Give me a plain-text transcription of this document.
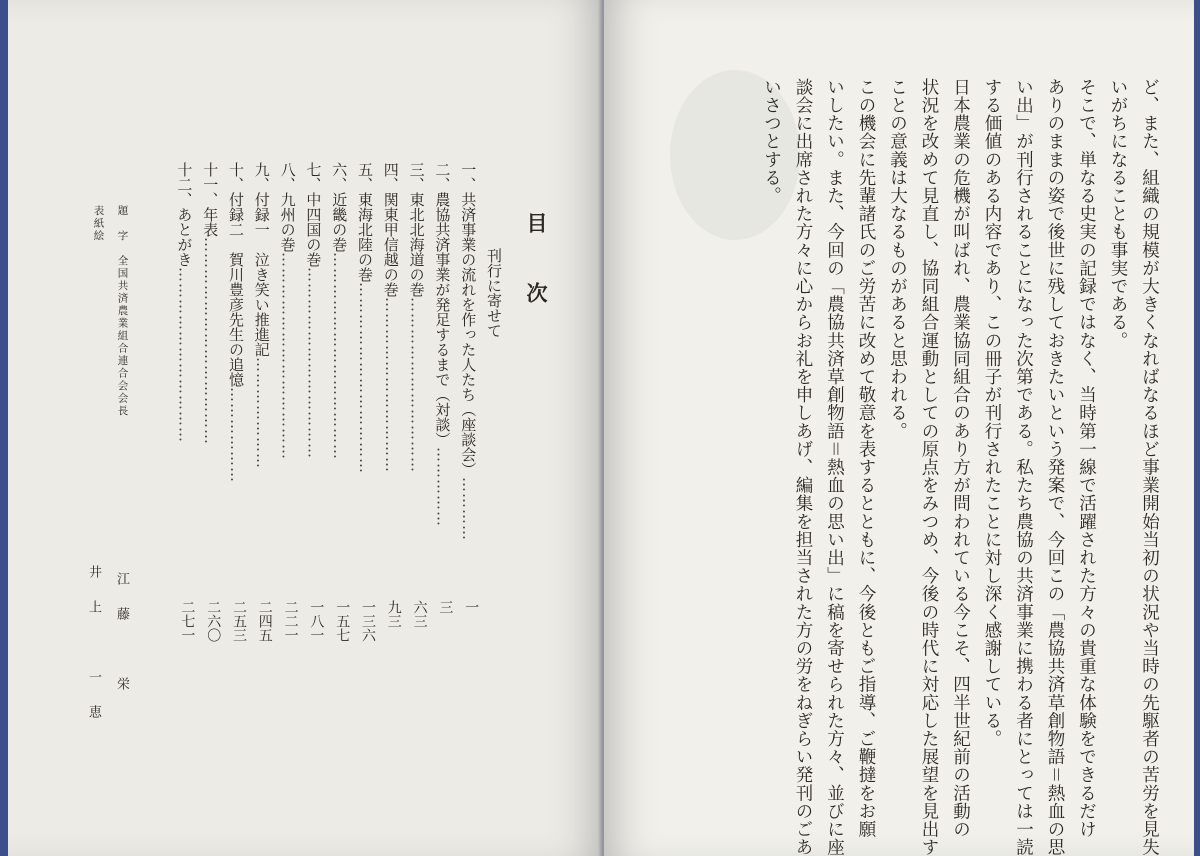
目　次
刊行に寄せて
一、共済事業の流れを作った人たち（座談会）…………
一
二、農協共済事業が発足するまで（対談）……………
三
三、東北北海道の巻……………………………
六三
四、関東甲信越の巻……………………………
九三
五、東海北陸の巻………………………………
一三六
六、近畿の巻…………………………………
一五七
七、中四国の巻………………………………
一八一
八、九州の巻…………………………………
二二一
九、付録一　泣き笑い推進記…………………
二四五
十、付録二　賀川豊彦先生の追憶………………
二五三
十一、年表…………………………………
二六〇
十二、あとがき……………………………
二七一
題　字　全国共済農業組合連合会会長
表紙絵
江藤　栄
井上　一恵	ど、また、組織の規模が大きくなればなるほど事業開始当初の状況や当時の先駆者の苦労を見失
いがちになることも事実である。
そこで、単なる史実の記録ではなく、当時第一線で活躍された方々の貴重な体験をできるだけ
ありのままの姿で後世に残しておきたいという発案で、今回この「農協共済草創物語＝熱血の思
い出」が刊行されることになった次第である。私たち農協の共済事業に携わる者にとっては一読
する価値のある内容であり、この冊子が刊行されたことに対し深く感謝している。
日本農業の危機が叫ばれ、農業協同組合のあり方が問われている今こそ、四半世紀前の活動の
状況を改めて見直し、協同組合運動としての原点をみつめ、今後の時代に対応した展望を見出す
ことの意義は大なるものがあると思われる。
この機会に先輩諸氏のご労苦に改めて敬意を表するとともに、今後ともご指導、ご鞭撻をお願
いしたい。また、今回の「農協共済草創物語＝熱血の思い出」に稿を寄せられた方々、並びに座
談会に出席された方々に心からお礼を申しあげ、編集を担当された方の労をねぎらい発刊のごあ
いさつとする。
